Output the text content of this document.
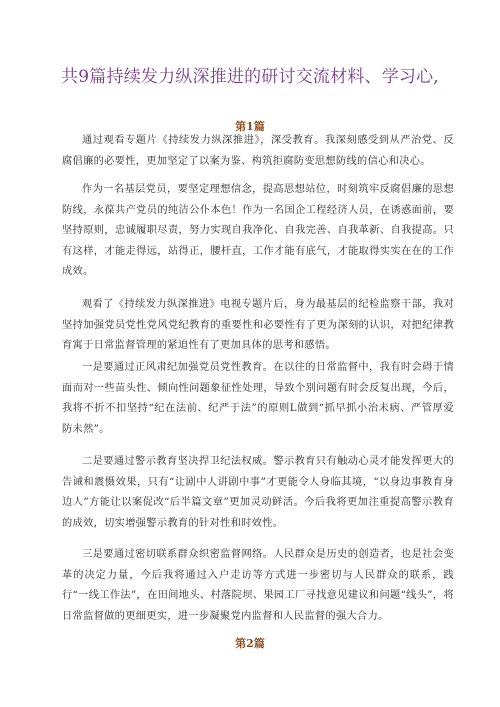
共9篇持续发力纵深推进的研讨交流材料、学习心,
第1篇

通过观看专题片《持续发力纵深推进》，深受教育。我深刻感受到从严治党、反腐倡廉的必要性，更加坚定了以案为鉴、构筑拒腐防变思想防线的信心和决心。

作为一名基层党员，要坚定理想信念，提高思想站位，时刻筑牢反腐倡廉的思想防线，永葆共产党员的纯洁公仆本色！作为一名国企工程经济人员，在诱惑面前，要坚持原则，忠诚履职尽责，努力实现自我净化、自我完善、自我革新、自我提高。只有这样，才能走得远，站得正，腰杆直，工作才能有底气，才能取得实实在在的工作成效。

观看了《持续发力纵深推进》电视专题片后，身为最基层的纪检监察干部，我对坚持加强党员党性党风党纪教育的重要性和必要性有了更为深刻的认识，对把纪律教育寓于日常监督管理的紧迫性有了更加具体的思考和感悟。

一是要通过正风肃纪加强党员党性教育。在以往的日常监督中，我有时会碍于情面而对一些苗头性、倾向性问题象征性处理，导致个别问题有时会反复出现，今后，我将不折不扣坚持“纪在法前、纪严于法”的原则L做到“抓早抓小治未病、严管厚爱防未然”。

二是要通过警示教育坚决捍卫纪法权威。警示教育只有触动心灵才能发挥更大的告诫和震慑效果，只有“让剧中人讲剧中事”才更能令人身临其境，“以身边事教育身边人”方能让以案促改“后半篇文章”更加灵动鲜活。今后我将更加注重提高警示教育的成效，切实增强警示教育的针对性和时效性。

三是要通过密切联系群众织密监督网络。人民群众是历史的创造者，也是社会变革的决定力量，今后我将通过入户走访等方式进一步密切与人民群众的联系，践行“一线工作法”，在田间地头、村落院坝、果园工厂寻找意见建议和问题“线头”，将日常监督做的更细更实，进一步凝聚党内监督和人民监督的强大合力。

第2篇
